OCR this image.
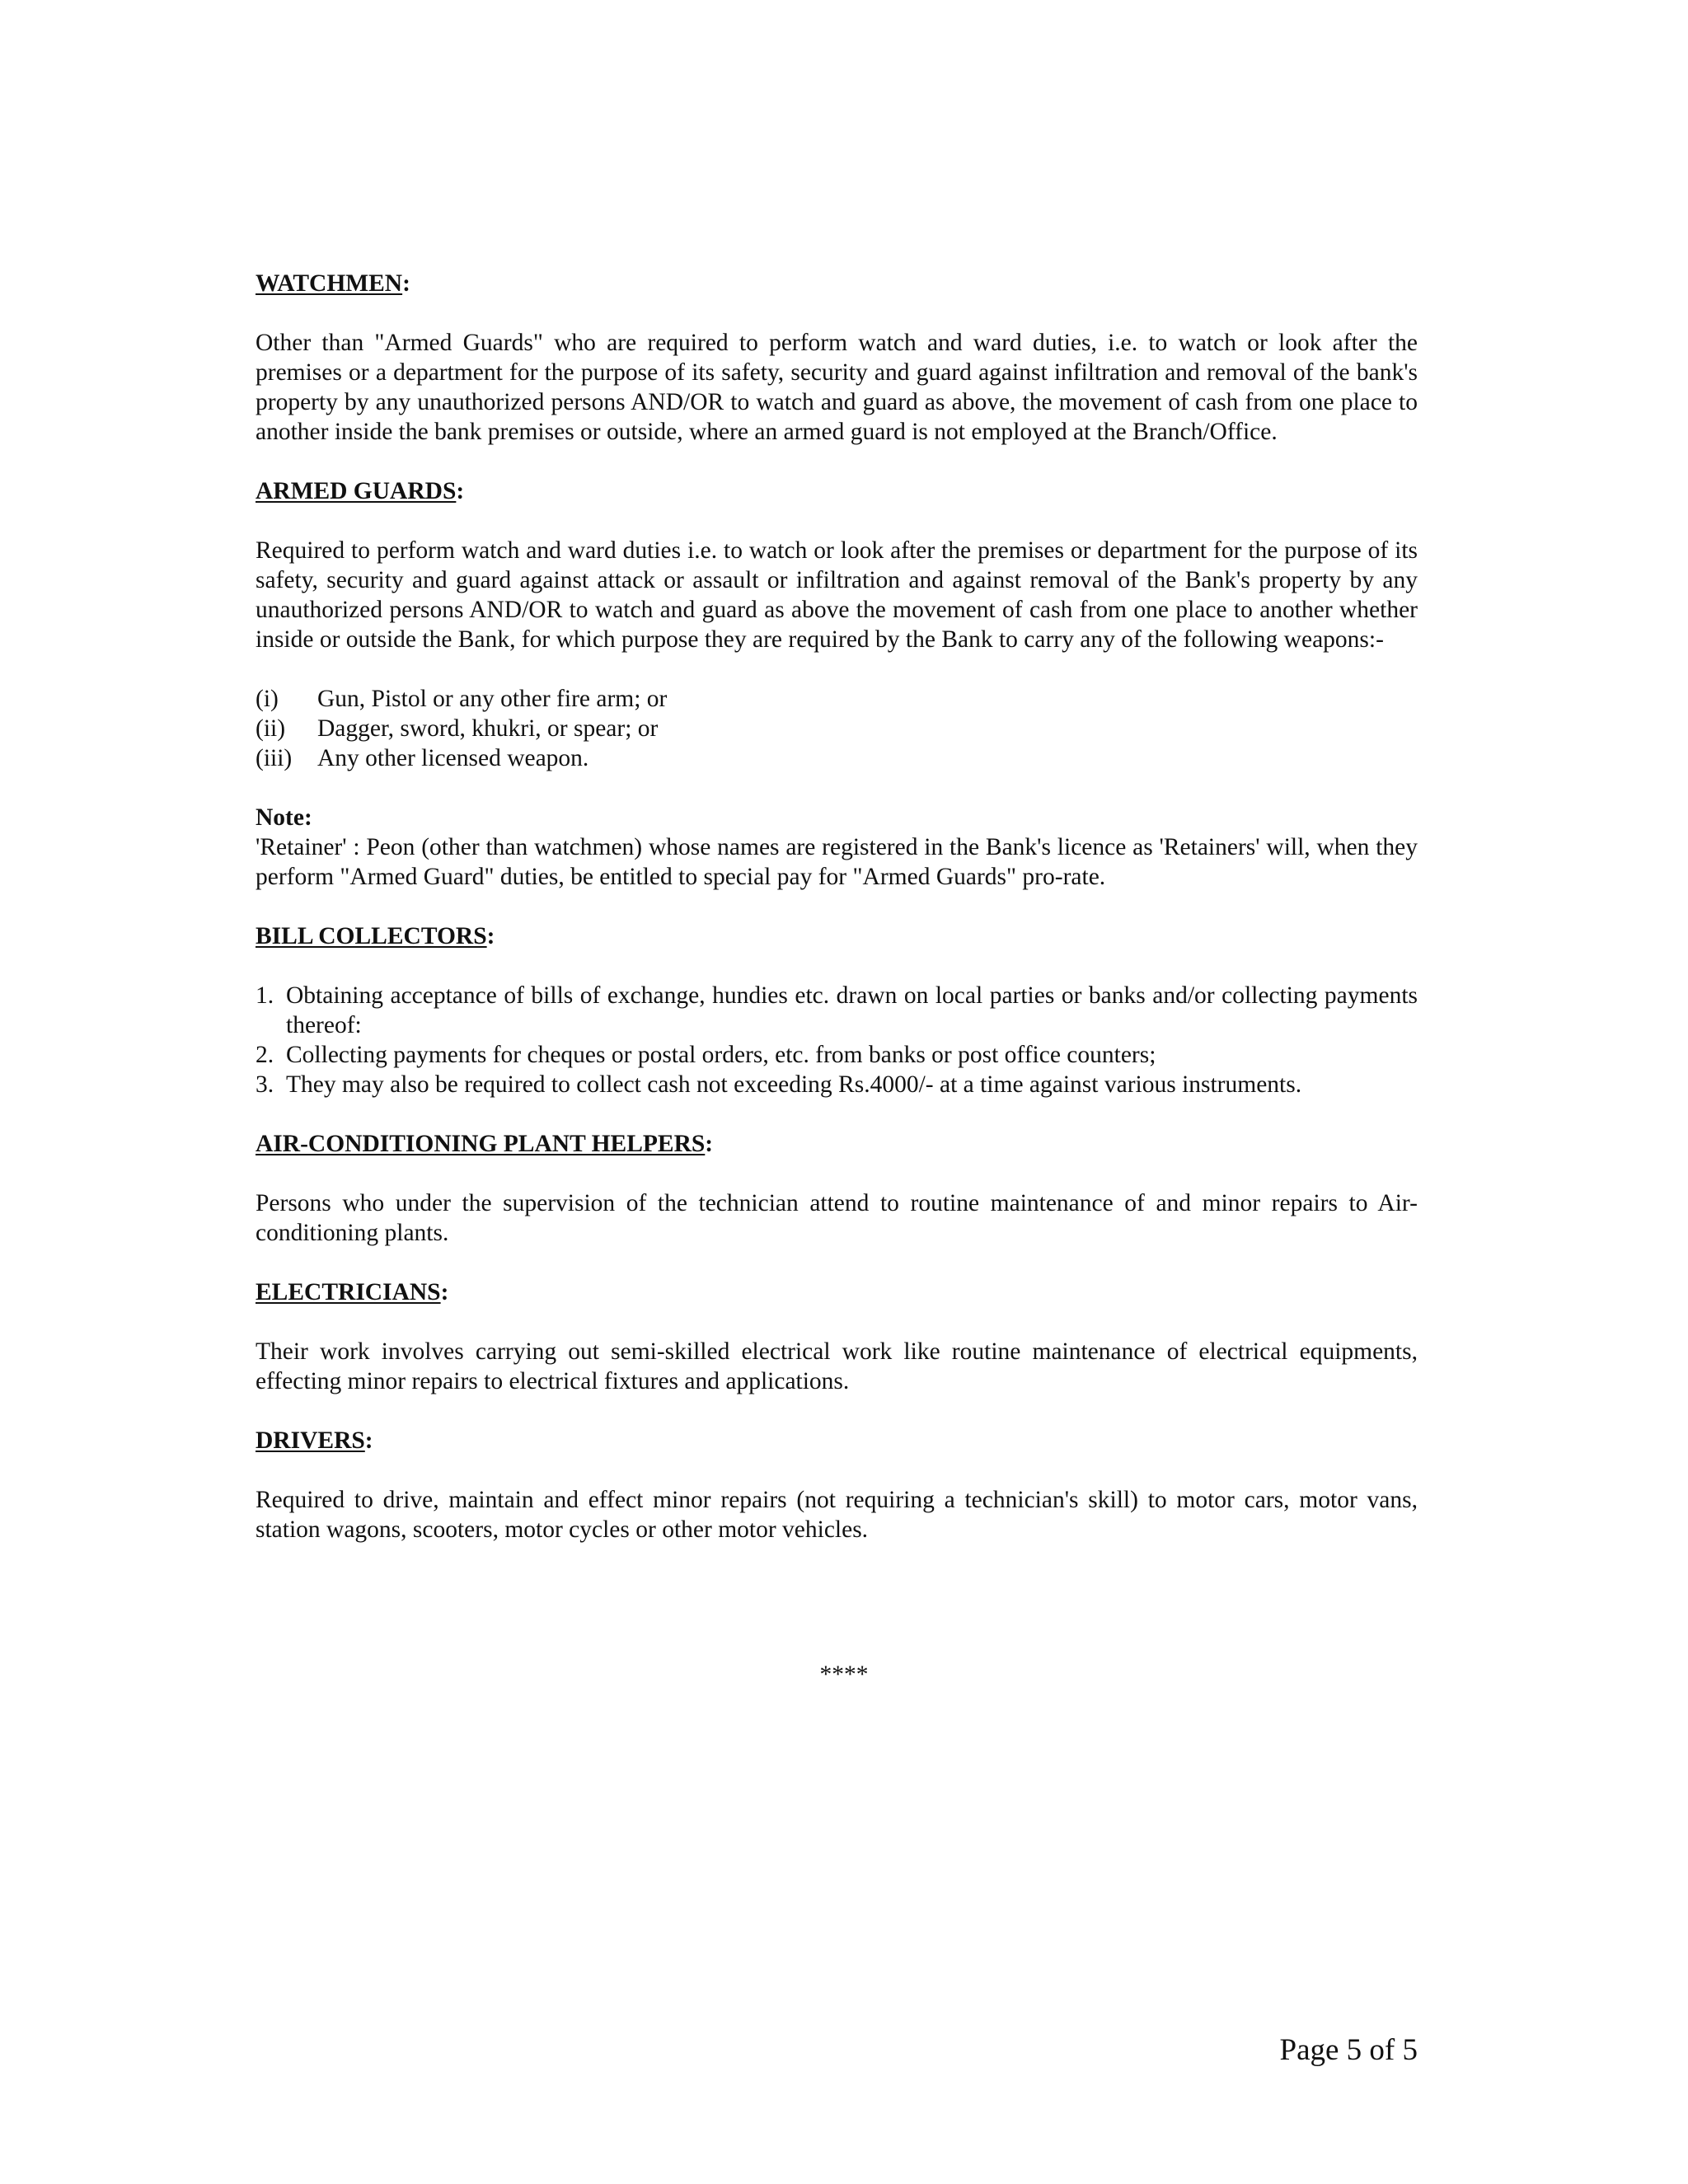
WATCHMEN:

Other than "Armed Guards" who are required to perform watch and ward duties, i.e. to watch or look after the premises or a department for the purpose of its safety, security and guard against infiltration and removal of the bank's property by any unauthorized persons AND/OR to watch and guard as above, the movement of cash from one place to another inside the bank premises or outside, where an armed guard is not employed at the Branch/Office.

ARMED GUARDS:

Required to perform watch and ward duties i.e. to watch or look after the premises or department for the purpose of its safety, security and guard against attack or assault or infiltration and against removal of the Bank's property by any unauthorized persons AND/OR to watch and guard as above the movement of cash from one place to another whether inside or outside the Bank, for which purpose they are required by the Bank to carry any of the following weapons:-

(i)	Gun, Pistol or any other fire arm; or
(ii)	Dagger, sword, khukri, or spear; or
(iii)	Any other licensed weapon.

Note:

'Retainer' : Peon (other than watchmen) whose names are registered in the Bank's licence as 'Retainers' will, when they perform "Armed Guard" duties, be entitled to special pay for "Armed Guards" pro-rate.

BILL COLLECTORS:

1. Obtaining acceptance of bills of exchange, hundies etc. drawn on local parties or banks and/or collecting payments thereof:
2. Collecting payments for cheques or postal orders, etc. from banks or post office counters;
3. They may also be required to collect cash not exceeding Rs.4000/- at a time against various instruments.

AIR-CONDITIONING PLANT HELPERS:

Persons who under the supervision of the technician attend to routine maintenance of and minor repairs to Air-conditioning plants.

ELECTRICIANS:

Their work involves carrying out semi-skilled electrical work like routine maintenance of electrical equipments, effecting minor repairs to electrical fixtures and applications.

DRIVERS:

Required to drive, maintain and effect minor repairs (not requiring a technician's skill) to motor cars, motor vans, station wagons, scooters, motor cycles or other motor vehicles.

****
Page 5 of 5
